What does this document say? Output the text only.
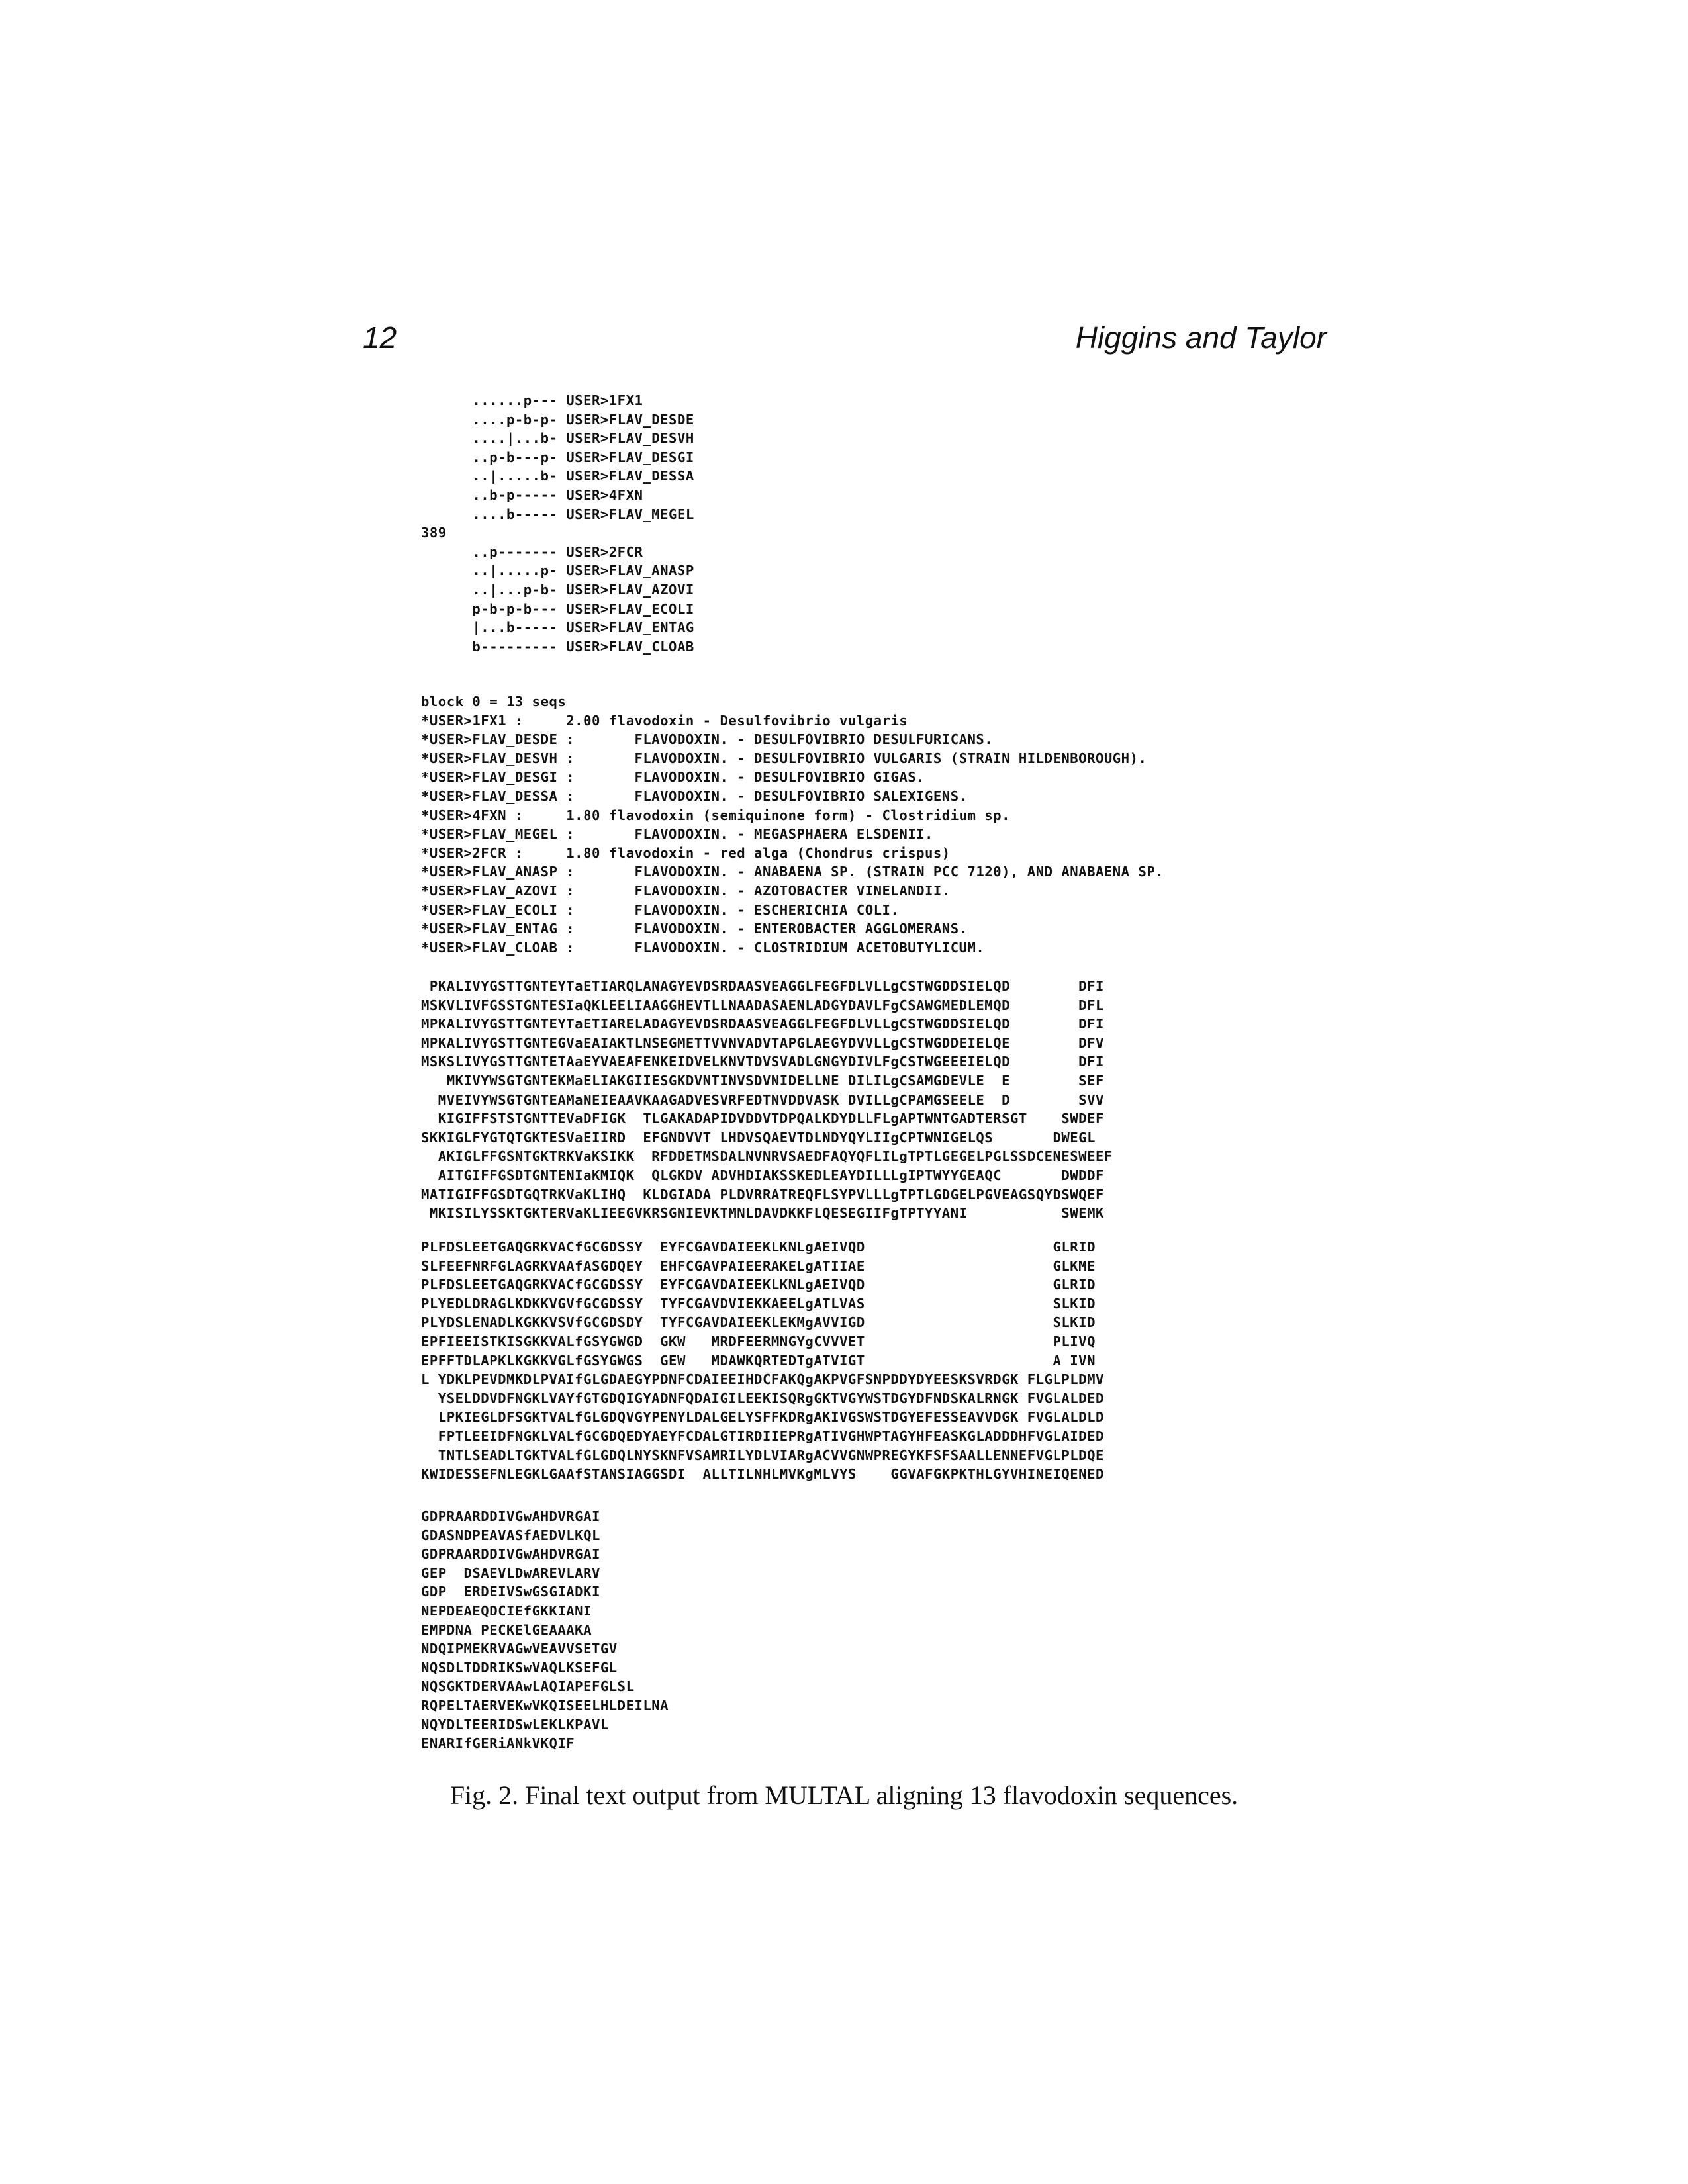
12	Higgins and Taylor
......p--- USER>1FX1
....p-b-p- USER>FLAV_DESDE
....|...b- USER>FLAV_DESVH
..p-b---p- USER>FLAV_DESGI
..|.....b- USER>FLAV_DESSA
..b-p----- USER>4FXN
....b----- USER>FLAV_MEGEL
389
..p------- USER>2FCR
..|.....p- USER>FLAV_ANASP
..|...p-b- USER>FLAV_AZOVI
p-b-p-b--- USER>FLAV_ECOLI
|...b----- USER>FLAV_ENTAG
b--------- USER>FLAV_CLOAB
block 0 = 13 seqs
*USER>1FX1 :     2.00 flavodoxin - Desulfovibrio vulgaris
*USER>FLAV_DESDE :       FLAVODOXIN. - DESULFOVIBRIO DESULFURICANS.
*USER>FLAV_DESVH :       FLAVODOXIN. - DESULFOVIBRIO VULGARIS (STRAIN HILDENBOROUGH).
*USER>FLAV_DESGI :       FLAVODOXIN. - DESULFOVIBRIO GIGAS.
*USER>FLAV_DESSA :       FLAVODOXIN. - DESULFOVIBRIO SALEXIGENS.
*USER>4FXN :     1.80 flavodoxin (semiquinone form) - Clostridium sp.
*USER>FLAV_MEGEL :       FLAVODOXIN. - MEGASPHAERA ELSDENII.
*USER>2FCR :     1.80 flavodoxin - red alga (Chondrus crispus)
*USER>FLAV_ANASP :       FLAVODOXIN. - ANABAENA SP. (STRAIN PCC 7120), AND ANABAENA SP.
*USER>FLAV_AZOVI :       FLAVODOXIN. - AZOTOBACTER VINELANDII.
*USER>FLAV_ECOLI :       FLAVODOXIN. - ESCHERICHIA COLI.
*USER>FLAV_ENTAG :       FLAVODOXIN. - ENTEROBACTER AGGLOMERANS.
*USER>FLAV_CLOAB :       FLAVODOXIN. - CLOSTRIDIUM ACETOBUTYLICUM.
PKALIVYGSTTGNTEYTaETIARQLANAGYEVDSRDAASVEAGGLFEGFDLVLLgCSTWGDDSIELQD        DFI
MSKVLIVFGSSTGNTESIaQKLEELIAAGGHEVTLLNAADASAENLADGYDAVLFgCSAWGMEDLEMQD        DFL
MPKALIVYGSTTGNTEYTaETIARELADAGYEVDSRDAASVEAGGLFEGFDLVLLgCSTWGDDSIELQD        DFI
MPKALIVYGSTTGNTEGVaEAIAKTLNSEGMETTVVNVADVTAPGLAEGYDVVLLgCSTWGDDEIELQE        DFV
MSKSLIVYGSTTGNTETAaEYVAEAFENKEIDVELKNVTDVSVADLGNGYDIVLFgCSTWGEEEIELQD        DFI
MKIVYWSGTGNTEKMaELIAKGIIESGKDVNTINVSDVNIDELLNE DILILgCSAMGDEVLE  E        SEF
MVEIVYWSGTGNTEAMaNEIEAAVKAAGADVESVRFEDTNVDDVASK DVILLgCPAMGSEELE  D        SVV
KIGIFFSTSTGNTTEVaDFIGK  TLGAKADAPIDVDDVTDPQALKDYDLLFLgAPTWNTGADTERSGT    SWDEF
SKKIGLFYGTQTGKTESVaEIIRD  EFGNDVVT LHDVSQAEVTDLNDYQYLIIgCPTWNIGELQS       DWEGL
AKIGLFFGSNTGKTRKVaKSIKK  RFDDETMSDALNVNRVSAEDFAQYQFLILgTPTLGEGELPGLSSDCENESWEEF
AITGIFFGSDTGNTENIaKMIQK  QLGKDV ADVHDIAKSSKEDLEAYDILLLgIPTWYYGEAQC       DWDDF
MATIGIFFGSDTGQTRKVaKLIHQ  KLDGIADA PLDVRRATREQFLSYPVLLLgTPTLGDGELPGVEAGSQYDSWQEF
MKISILYSSKTGKTERVaKLIEEGVKRSGNIEVKTMNLDAVDKKFLQESEGIIFgTPTYYANI           SWEMK
PLFDSLEETGAQGRKVACfGCGDSSY  EYFCGAVDAIEEKLKNLgAEIVQD                      GLRID
SLFEEFNRFGLAGRKVAAfASGDQEY  EHFCGAVPAIEERAKELgATIIAE                      GLKME
PLFDSLEETGAQGRKVACfGCGDSSY  EYFCGAVDAIEEKLKNLgAEIVQD                      GLRID
PLYEDLDRAGLKDKKVGVfGCGDSSY  TYFCGAVDVIEKKAEELgATLVAS                      SLKID
PLYDSLENADLKGKKVSVfGCGDSDY  TYFCGAVDAIEEKLEKMgAVVIGD                      SLKID
EPFIEEISTKISGKKVALfGSYGWGD  GKW   MRDFEERMNGYgCVVVET                      PLIVQ
EPFFTDLAPKLKGKKVGLfGSYGWGS  GEW   MDAWKQRTEDTgATVIGT                      A IVN
L YDKLPEVDMKDLPVAIfGLGDAEGYPDNFCDAIEEIHDCFAKQgAKPVGFSNPDDYDYEESKSVRDGK FLGLPLDMV
YSELDDVDFNGKLVAYfGTGDQIGYADNFQDAIGILEEKISQRgGKTVGYWSTDGYDFNDSKALRNGK FVGLALDED
LPKIEGLDFSGKTVALfGLGDQVGYPENYLDALGELYSFFKDRgAKIVGSWSTDGYEFESSEAVVDGK FVGLALDLD
FPTLEEIDFNGKLVALfGCGDQEDYAEYFCDALGTIRDIIEPRgATIVGHWPTAGYHFEASKGLADDDHFVGLAIDED
TNTLSEADLTGKTVALfGLGDQLNYSKNFVSAMRILYDLVIARgACVVGNWPREGYKFSFSAALLENNEFVGLPLDQE
KWIDESSEFNLEGKLGAAfSTANSIAGGSDI  ALLTILNHLMVKgMLVYS    GGVAFGKPKTHLGYVHINEIQENED
GDPRAARDDIVGwAHDVRGAI
GDASNDPEAVASfAEDVLKQL
GDPRAARDDIVGwAHDVRGAI
GEP  DSAEVLDwAREVLARV
GDP  ERDEIVSwGSGIADKI
NEPDEAEQDCIEfGKKIANI
EMPDNA PECKElGEAAAKA
NDQIPMEKRVAGwVEAVVSETGV
NQSDLTDDRIKSwVAQLKSEFGL
NQSGKTDERVAAwLAQIAPEFGLSL
RQPELTAERVEKwVKQISEELHLDEILNA
NQYDLTEERIDSwLEKLKPAVL
ENARIfGERiANkVKQIF
Fig. 2. Final text output from MULTAL aligning 13 flavodoxin sequences.
